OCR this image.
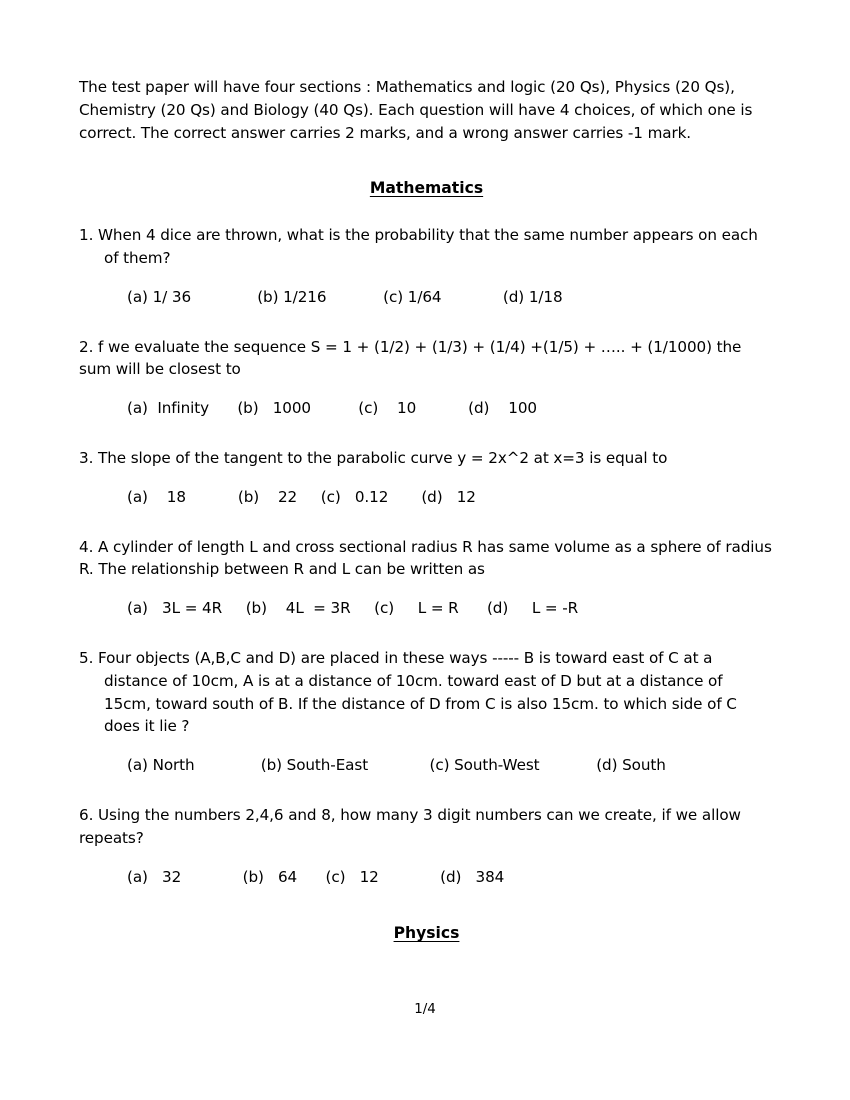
The test paper will have four sections : Mathematics and logic (20 Qs), Physics (20 Qs), Chemistry (20 Qs) and Biology (40 Qs). Each question will have 4 choices, of which one is correct. The correct answer carries 2 marks, and a wrong answer carries -1 mark.

Mathematics

1. When 4 dice are thrown, what is the probability that the same number appears on each of them?

(a) 1/ 36              (b) 1/216            (c) 1/64             (d) 1/18

2. f we evaluate the sequence S = 1 + (1/2) + (1/3) + (1/4) +(1/5) + ….. + (1/1000) the sum will be closest to

(a)  Infinity      (b)   1000          (c)    10           (d)    100

3. The slope of the tangent to the parabolic curve y = 2x^2 at x=3 is equal to

(a)    18           (b)    22     (c)   0.12       (d)   12

4. A cylinder of length L and cross sectional radius R has same volume as a sphere of radius R. The relationship between R and L can be written as

(a)   3L = 4R     (b)    4L  = 3R     (c)     L = R      (d)     L = -R

5. Four objects (A,B,C and D) are placed in these ways ----- B is toward east of C at a distance of 10cm, A is at a distance of 10cm. toward east of D but at a distance of 15cm, toward south of B. If the distance of D from C is also 15cm. to which side of C does it lie ?

(a) North              (b) South-East             (c) South-West            (d) South

6. Using the numbers 2,4,6 and 8, how many 3 digit numbers can we create, if we allow repeats?

(a)   32             (b)   64      (c)   12             (d)   384
Physics
1/4
